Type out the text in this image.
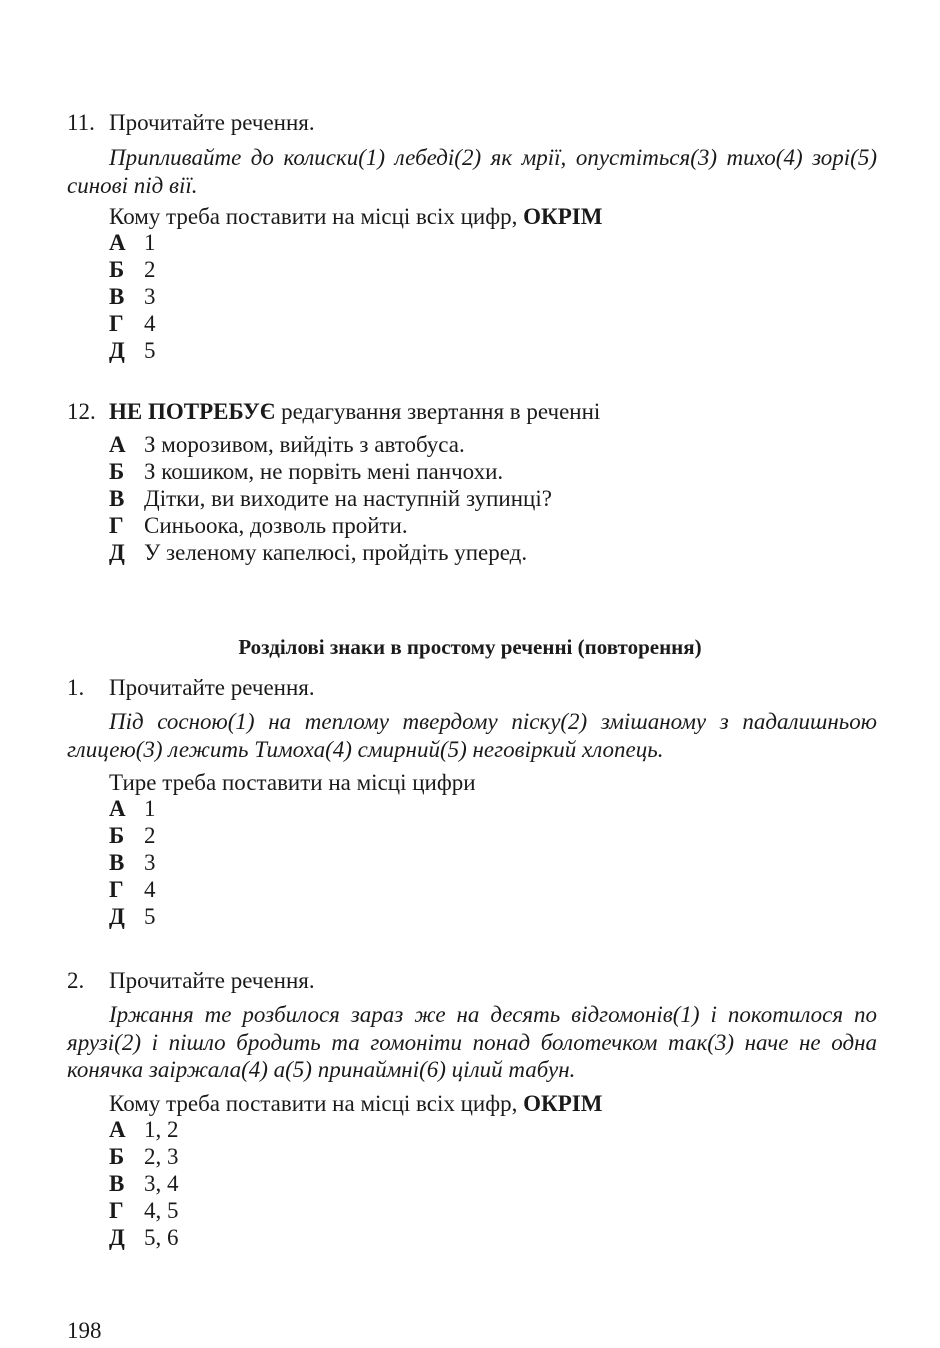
11. Прочитайте речення.
Припливайте до колиски(1) лебеді(2) як мрії, опустіться(3) тихо(4) зорі(5) синові під вії.
Кому треба поставити на місці всіх цифр, ОКРІМ
А 1
Б 2
В 3
Г 4
Д 5
12. НЕ ПОТРЕБУЄ редагування звертання в реченні
А З морозивом, вийдіть з автобуса.
Б З кошиком, не порвіть мені панчохи.
В Дітки, ви виходите на наступній зупинці?
Г Синьоока, дозволь пройти.
Д У зеленому капелюсі, пройдіть уперед.
Розділові знаки в простому реченні (повторення)
1. Прочитайте речення.
Під сосною(1) на теплому твердому піску(2) змішаному з падалишньою глицею(3) лежить Тимоха(4) смирний(5) неговіркий хлопець.
Тире треба поставити на місці цифри
А 1
Б 2
В 3
Г 4
Д 5
2. Прочитайте речення.
Іржання те розбилося зараз же на десять відгомонів(1) і покотилося по ярузі(2) і пішло бродить та гомоніти понад болотечком так(3) наче не одна конячка заіржала(4) а(5) принаймні(6) цілий табун.
Кому треба поставити на місці всіх цифр, ОКРІМ
А 1, 2
Б 2, 3
В 3, 4
Г 4, 5
Д 5, 6
198
